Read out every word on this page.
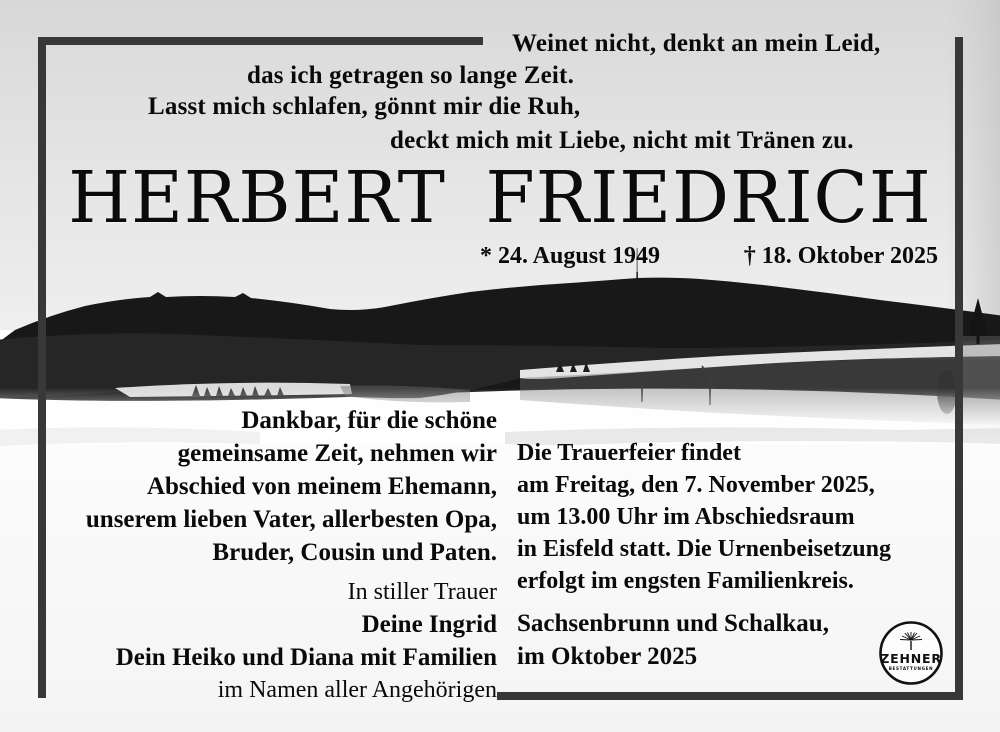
Weinet nicht, denkt an mein Leid,
das ich getragen so lange Zeit.
Lasst mich schlafen, gönnt mir die Ruh,
deckt mich mit Liebe, nicht mit Tränen zu.
HERBERT FRIEDRICH
* 24. August 1949	† 18. Oktober 2025
Dankbar, für die schöne
gemeinsame Zeit, nehmen wir
Abschied von meinem Ehemann,
unserem lieben Vater, allerbesten Opa,
Bruder, Cousin und Paten.
In stiller Trauer
Deine Ingrid
Dein Heiko und Diana mit Familien
im Namen aller Angehörigen
Die Trauerfeier findet
am Freitag, den 7. November 2025,
um 13.00 Uhr im Abschiedsraum
in Eisfeld statt. Die Urnenbeisetzung
erfolgt im engsten Familienkreis.
Sachsenbrunn und Schalkau,
im Oktober 2025	ZEHNER
BESTATTUNGEN
